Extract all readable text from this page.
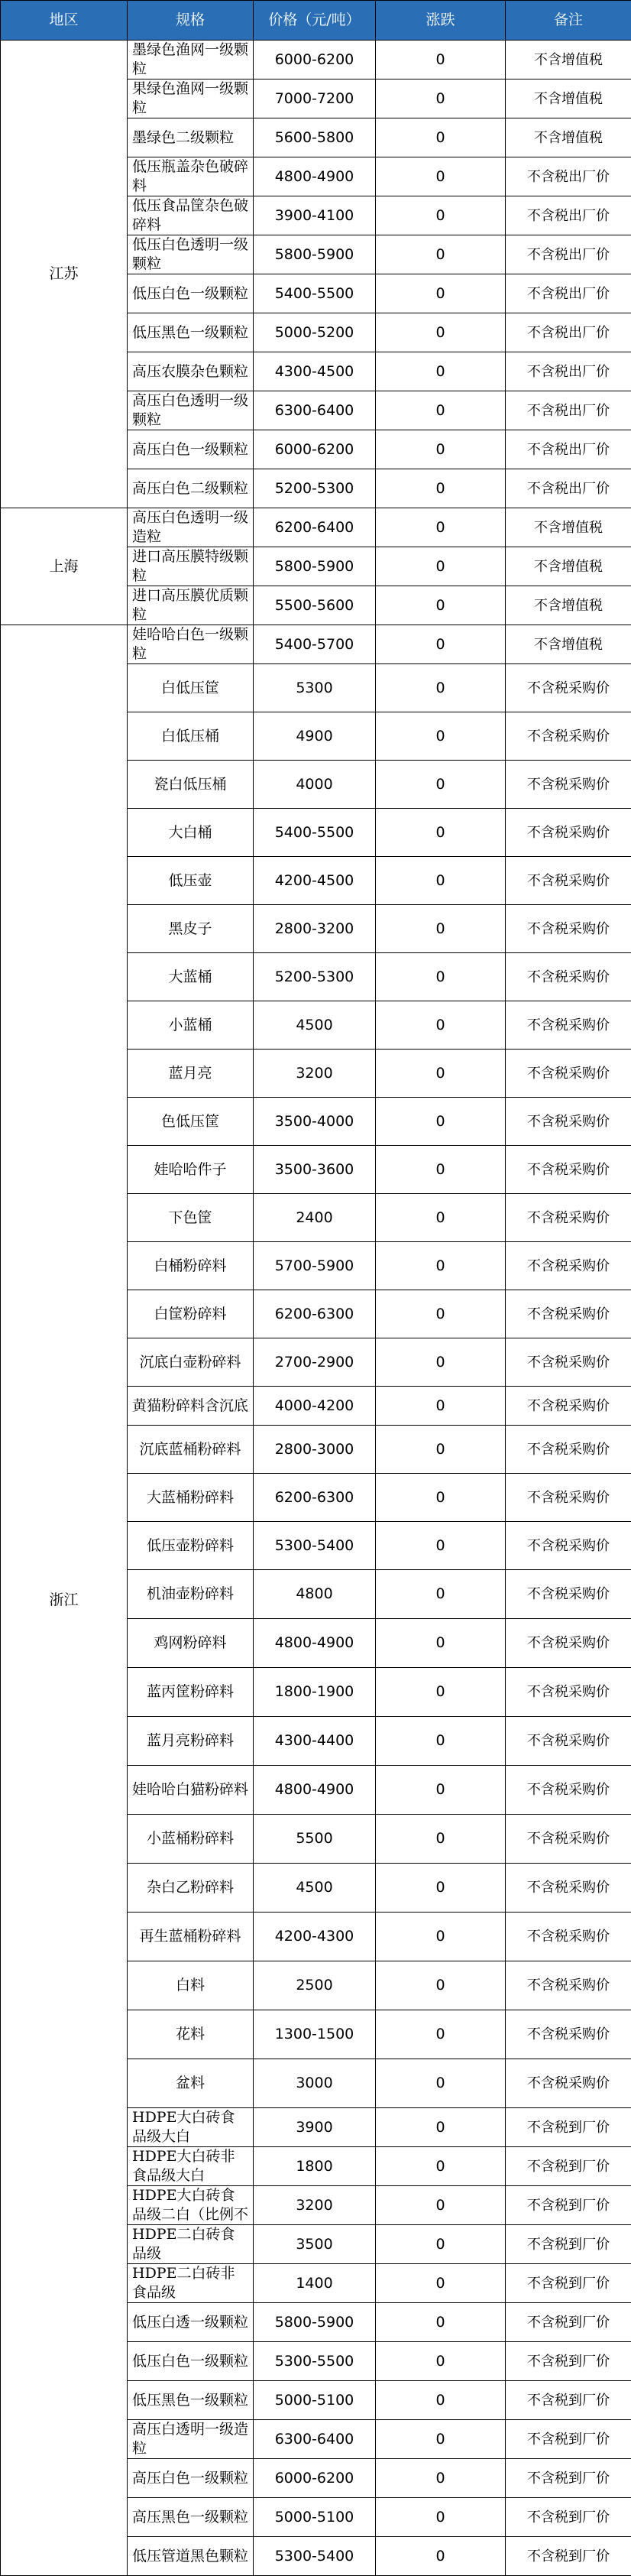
地区	规格	价格（元/吨）	涨跌	备注
江苏	墨绿色渔网一级颗粒	6000-6200	0	不含增值税

	果绿色渔网一级颗粒	7000-7200	0	不含增值税

	墨绿色二级颗粒	5600-5800	0	不含增值税

	低压瓶盖杂色破碎料	4800-4900	0	不含税出厂价

	低压食品筐杂色破碎料	3900-4100	0	不含税出厂价

	低压白色透明一级颗粒	5800-5900	0	不含税出厂价

	低压白色一级颗粒	5400-5500	0	不含税出厂价

	低压黑色一级颗粒	5000-5200	0	不含税出厂价

	高压农膜杂色颗粒	4300-4500	0	不含税出厂价

	高压白色透明一级颗粒	6300-6400	0	不含税出厂价

	高压白色一级颗粒	6000-6200	0	不含税出厂价

	高压白色二级颗粒	5200-5300	0	不含税出厂价

上海	高压白色透明一级造粒	6200-6400	0	不含增值税

	进口高压膜特级颗粒	5800-5900	0	不含增值税

	进口高压膜优质颗粒	5500-5600	0	不含增值税

浙江	娃哈哈白色一级颗粒	5400-5700	0	不含增值税

	白低压筐	5300	0	不含税采购价

	白低压桶	4900	0	不含税采购价

	瓷白低压桶	4000	0	不含税采购价

	大白桶	5400-5500	0	不含税采购价

	低压壶	4200-4500	0	不含税采购价

	黑皮子	2800-3200	0	不含税采购价

	大蓝桶	5200-5300	0	不含税采购价

	小蓝桶	4500	0	不含税采购价

	蓝月亮	3200	0	不含税采购价

	色低压筐	3500-4000	0	不含税采购价

	娃哈哈件子	3500-3600	0	不含税采购价

	下色筐	2400	0	不含税采购价

	白桶粉碎料	5700-5900	0	不含税采购价

	白筐粉碎料	6200-6300	0	不含税采购价

	沉底白壶粉碎料	2700-2900	0	不含税采购价

	黄猫粉碎料含沉底	4000-4200	0	不含税采购价

	沉底蓝桶粉碎料	2800-3000	0	不含税采购价

	大蓝桶粉碎料	6200-6300	0	不含税采购价

	低压壶粉碎料	5300-5400	0	不含税采购价

	机油壶粉碎料	4800	0	不含税采购价

	鸡网粉碎料	4800-4900	0	不含税采购价

	蓝丙筐粉碎料	1800-1900	0	不含税采购价

	蓝月亮粉碎料	4300-4400	0	不含税采购价

	娃哈哈白猫粉碎料	4800-4900	0	不含税采购价

	小蓝桶粉碎料	5500	0	不含税采购价

	杂白乙粉碎料	4500	0	不含税采购价

	再生蓝桶粉碎料	4200-4300	0	不含税采购价

	白料	2500	0	不含税采购价

	花料	1300-1500	0	不含税采购价

	盆料	3000	0	不含税采购价

	HDPE大白砖食品级大白	3900	0	不含税到厂价

	HDPE大白砖非食品级大白	1800	0	不含税到厂价

	HDPE大白砖食品级二白（比例不	3200	0	不含税到厂价

	HDPE二白砖食品级	3500	0	不含税到厂价

	HDPE二白砖非食品级	1400	0	不含税到厂价

	低压白透一级颗粒	5800-5900	0	不含税到厂价

	低压白色一级颗粒	5300-5500	0	不含税到厂价

	低压黑色一级颗粒	5000-5100	0	不含税到厂价

	高压白透明一级造粒	6300-6400	0	不含税到厂价

	高压白色一级颗粒	6000-6200	0	不含税到厂价

	高压黑色一级颗粒	5000-5100	0	不含税到厂价

	低压管道黑色颗粒	5300-5400	0	不含税到厂价
